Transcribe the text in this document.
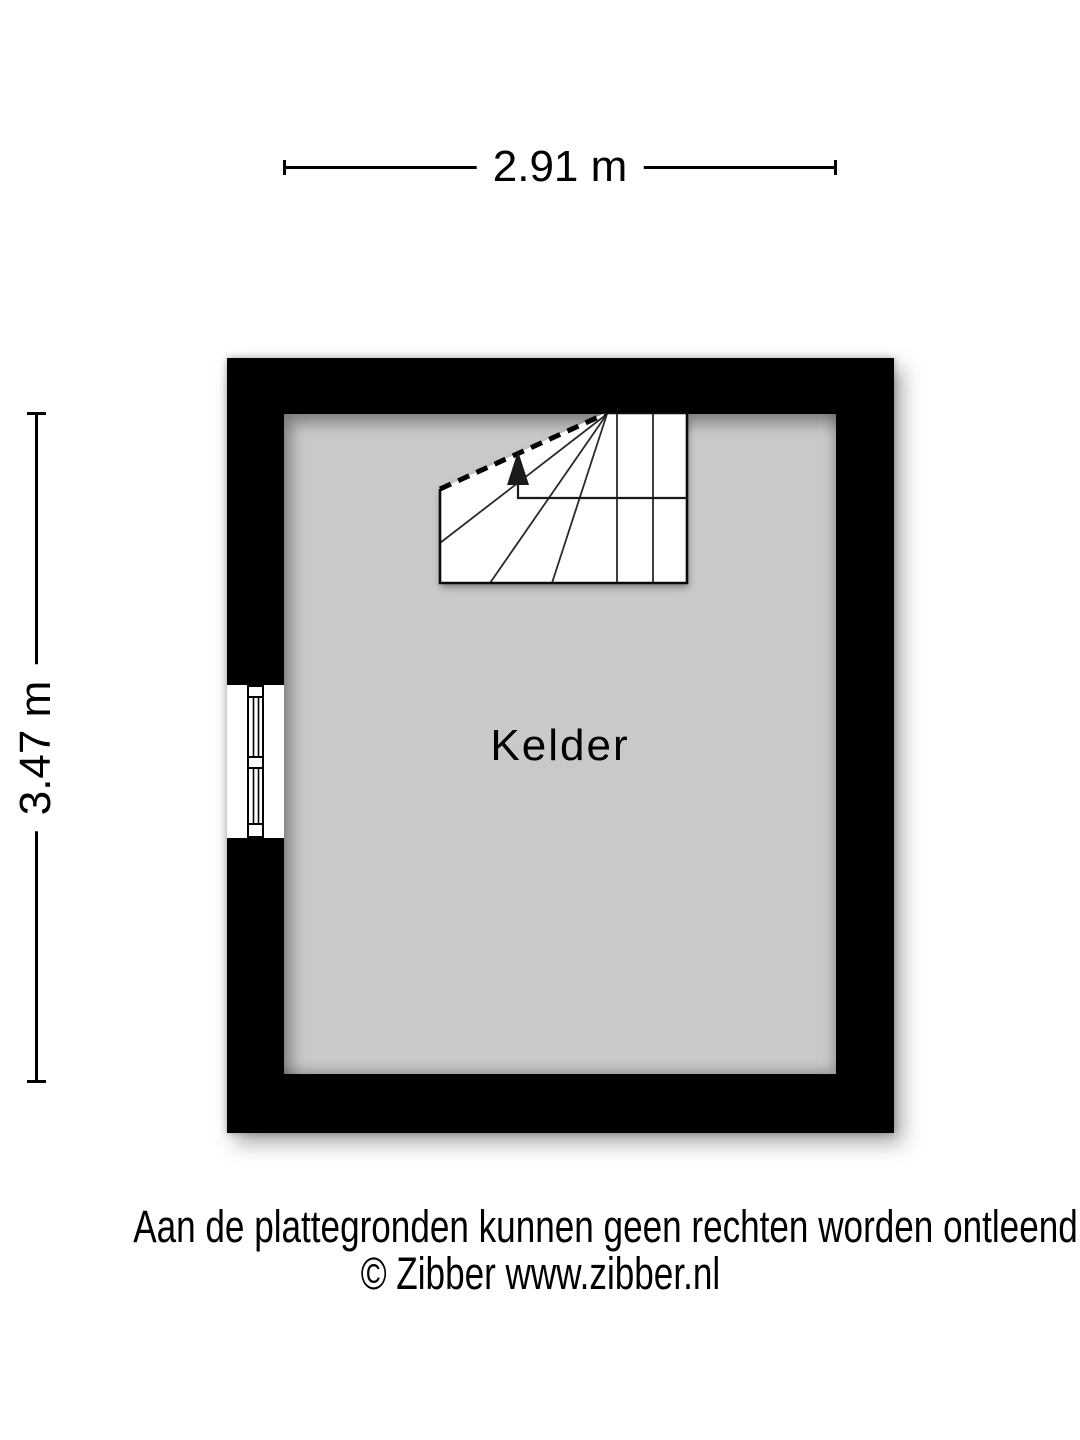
2.91 m
3.47 m	Kelder
Aan de plattegronden kunnen geen rechten worden ontleend
© Zibber www.zibber.nl
